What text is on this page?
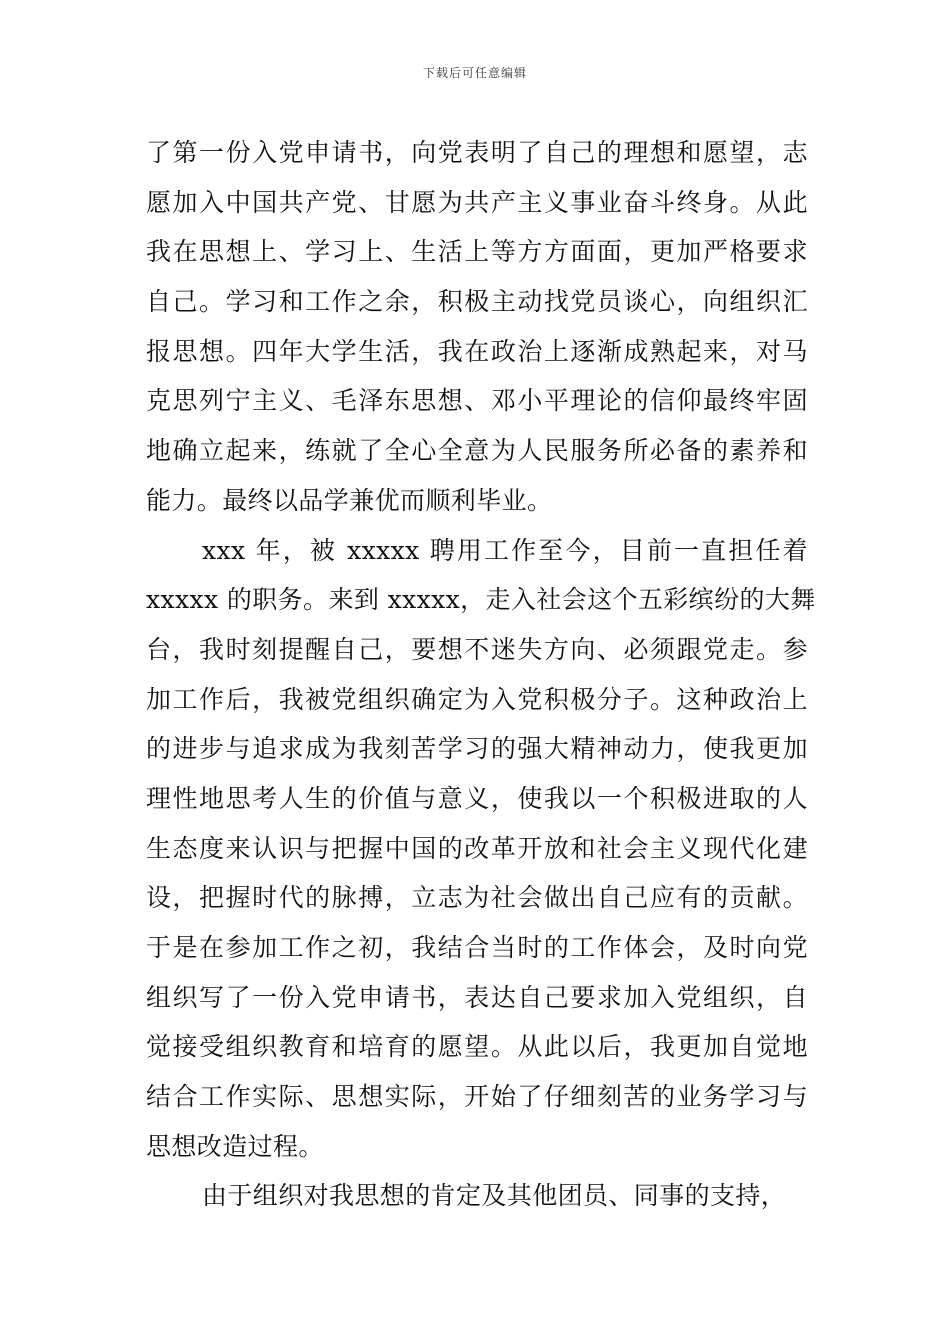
下载后可任意编辑
了第一份入党申请书，向党表明了自己的理想和愿望，志
愿加入中国共产党、甘愿为共产主义事业奋斗终身。从此
我在思想上、学习上、生活上等方方面面，更加严格要求
自己。学习和工作之余，积极主动找党员谈心，向组织汇
报思想。四年大学生活，我在政治上逐渐成熟起来，对马
克思列宁主义、毛泽东思想、邓小平理论的信仰最终牢固
地确立起来，练就了全心全意为人民服务所必备的素养和
能力。最终以品学兼优而顺利毕业。
xxx 年，被 xxxxx 聘用工作至今，目前一直担任着
xxxxx 的职务。来到 xxxxx，走入社会这个五彩缤纷的大舞
台，我时刻提醒自己，要想不迷失方向、必须跟党走。参
加工作后，我被党组织确定为入党积极分子。这种政治上
的进步与追求成为我刻苦学习的强大精神动力，使我更加
理性地思考人生的价值与意义，使我以一个积极进取的人
生态度来认识与把握中国的改革开放和社会主义现代化建
设，把握时代的脉搏，立志为社会做出自己应有的贡献。
于是在参加工作之初，我结合当时的工作体会，及时向党
组织写了一份入党申请书，表达自己要求加入党组织，自
觉接受组织教育和培育的愿望。从此以后，我更加自觉地
结合工作实际、思想实际，开始了仔细刻苦的业务学习与
思想改造过程。
由于组织对我思想的肯定及其他团员、同事的支持，
